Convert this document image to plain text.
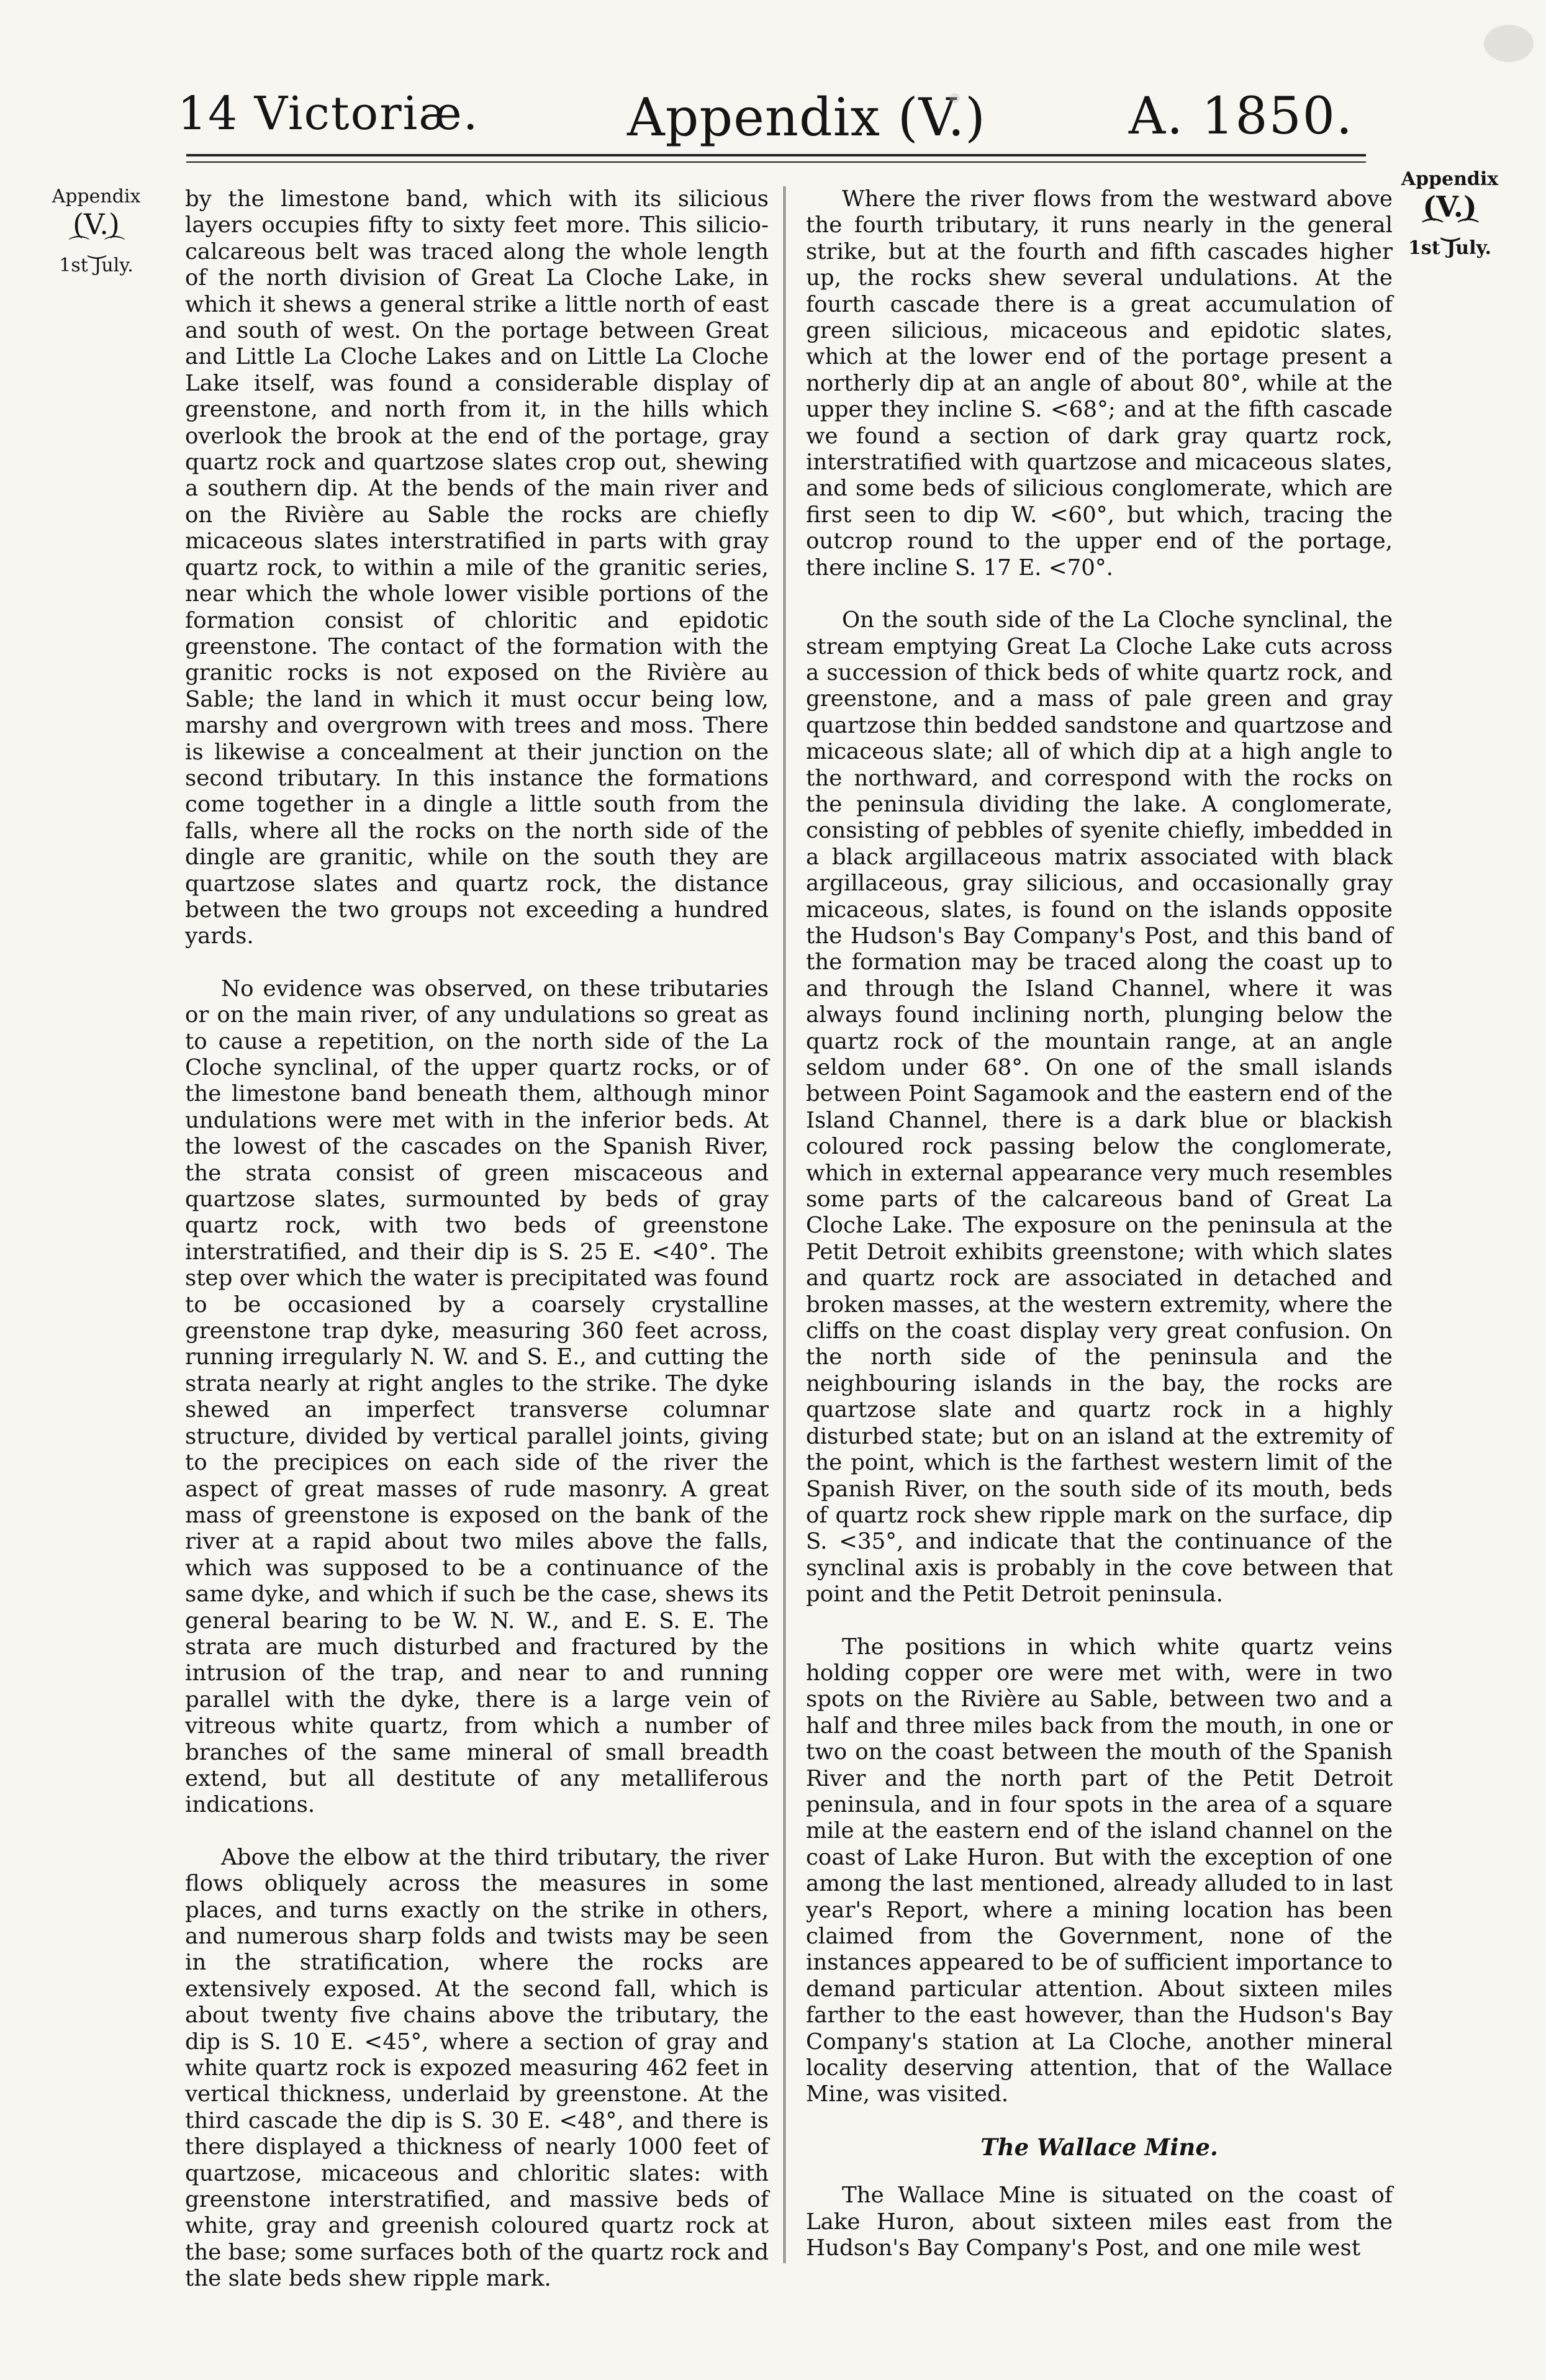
14 Victoriæ.	Appendix (V.)	A. 1850.
Appendix
(V.)
⌒‿⌒
1st July.
Appendix
(V.)
⌒‿⌒
1st July.

by the limestone band, which with its silicious layers occupies fifty to sixty feet more. This silicio-calcareous belt was traced along the whole length of the north division of Great La Cloche Lake, in which it shews a general strike a little north of east and south of west. On the portage between Great and Little La Cloche Lakes and on Little La Cloche Lake itself, was found a considerable display of greenstone, and north from it, in the hills which overlook the brook at the end of the portage, gray quartz rock and quartzose slates crop out, shewing a southern dip. At the bends of the main river and on the Rivière au Sable the rocks are chiefly micaceous slates interstratified in parts with gray quartz rock, to within a mile of the granitic series, near which the whole lower visible portions of the formation consist of chloritic and epidotic greenstone. The contact of the formation with the granitic rocks is not exposed on the Rivière au Sable; the land in which it must occur being low, marshy and overgrown with trees and moss. There is likewise a concealment at their junction on the second tributary. In this instance the formations come together in a dingle a little south from the falls, where all the rocks on the north side of the dingle are granitic, while on the south they are quartzose slates and quartz rock, the distance between the two groups not exceeding a hundred yards.

No evidence was observed, on these tributaries or on the main river, of any undulations so great as to cause a repetition, on the north side of the La Cloche synclinal, of the upper quartz rocks, or of the limestone band beneath them, although minor undulations were met with in the inferior beds. At the lowest of the cascades on the Spanish River, the strata consist of green miscaceous and quartzose slates, surmounted by beds of gray quartz rock, with two beds of greenstone interstratified, and their dip is S. 25 E. <40°. The step over which the water is precipitated was found to be occasioned by a coarsely crystalline greenstone trap dyke, measuring 360 feet across, running irregularly N. W. and S. E., and cutting the strata nearly at right angles to the strike. The dyke shewed an imperfect transverse columnar structure, divided by vertical parallel joints, giving to the precipices on each side of the river the aspect of great masses of rude masonry. A great mass of greenstone is exposed on the bank of the river at a rapid about two miles above the falls, which was supposed to be a continuance of the same dyke, and which if such be the case, shews its general bearing to be W. N. W., and E. S. E. The strata are much disturbed and fractured by the intrusion of the trap, and near to and running parallel with the dyke, there is a large vein of vitreous white quartz, from which a number of branches of the same mineral of small breadth extend, but all destitute of any metalliferous indications.

Above the elbow at the third tributary, the river flows obliquely across the measures in some places, and turns exactly on the strike in others, and numerous sharp folds and twists may be seen in the stratification, where the rocks are extensively exposed. At the second fall, which is about twenty five chains above the tributary, the dip is S. 10 E. <45°, where a section of gray and white quartz rock is expozed measuring 462 feet in vertical thickness, underlaid by greenstone. At the third cascade the dip is S. 30 E. <48°, and there is there displayed a thickness of nearly 1000 feet of quartzose, micaceous and chloritic slates: with greenstone interstratified, and massive beds of white, gray and greenish coloured quartz rock at the base; some surfaces both of the quartz rock and the slate beds shew ripple mark.

Where the river flows from the westward above the fourth tributary, it runs nearly in the general strike, but at the fourth and fifth cascades higher up, the rocks shew several undulations. At the fourth cascade there is a great accumulation of green silicious, micaceous and epidotic slates, which at the lower end of the portage present a northerly dip at an angle of about 80°, while at the upper they incline S. <68°; and at the fifth cascade we found a section of dark gray quartz rock, interstratified with quartzose and micaceous slates, and some beds of silicious conglomerate, which are first seen to dip W. <60°, but which, tracing the outcrop round to the upper end of the portage, there incline S. 17 E. <70°.

On the south side of the La Cloche synclinal, the stream emptying Great La Cloche Lake cuts across a succession of thick beds of white quartz rock, and greenstone, and a mass of pale green and gray quartzose thin bedded sandstone and quartzose and micaceous slate; all of which dip at a high angle to the northward, and correspond with the rocks on the peninsula dividing the lake. A conglomerate, consisting of pebbles of syenite chiefly, imbedded in a black argillaceous matrix associated with black argillaceous, gray silicious, and occasionally gray micaceous, slates, is found on the islands opposite the Hudson's Bay Company's Post, and this band of the formation may be traced along the coast up to and through the Island Channel, where it was always found inclining north, plunging below the quartz rock of the mountain range, at an angle seldom under 68°. On one of the small islands between Point Sagamook and the eastern end of the Island Channel, there is a dark blue or blackish coloured rock passing below the conglomerate, which in external appearance very much resembles some parts of the calcareous band of Great La Cloche Lake. The exposure on the peninsula at the Petit Detroit exhibits greenstone; with which slates and quartz rock are associated in detached and broken masses, at the western extremity, where the cliffs on the coast display very great confusion. On the north side of the peninsula and the neighbouring islands in the bay, the rocks are quartzose slate and quartz rock in a highly disturbed state; but on an island at the extremity of the point, which is the farthest western limit of the Spanish River, on the south side of its mouth, beds of quartz rock shew ripple mark on the surface, dip S. <35°, and indicate that the continuance of the synclinal axis is probably in the cove between that point and the Petit Detroit peninsula.

The positions in which white quartz veins holding copper ore were met with, were in two spots on the Rivière au Sable, between two and a half and three miles back from the mouth, in one or two on the coast between the mouth of the Spanish River and the north part of the Petit Detroit peninsula, and in four spots in the area of a square mile at the eastern end of the island channel on the coast of Lake Huron. But with the exception of one among the last mentioned, already alluded to in last year's Report, where a mining location has been claimed from the Government, none of the instances appeared to be of sufficient importance to demand particular attention. About sixteen miles farther to the east however, than the Hudson's Bay Company's station at La Cloche, another mineral locality deserving attention, that of the Wallace Mine, was visited.

The Wallace Mine.

The Wallace Mine is situated on the coast of Lake Huron, about sixteen miles east from the Hudson's Bay Company's Post, and one mile west
